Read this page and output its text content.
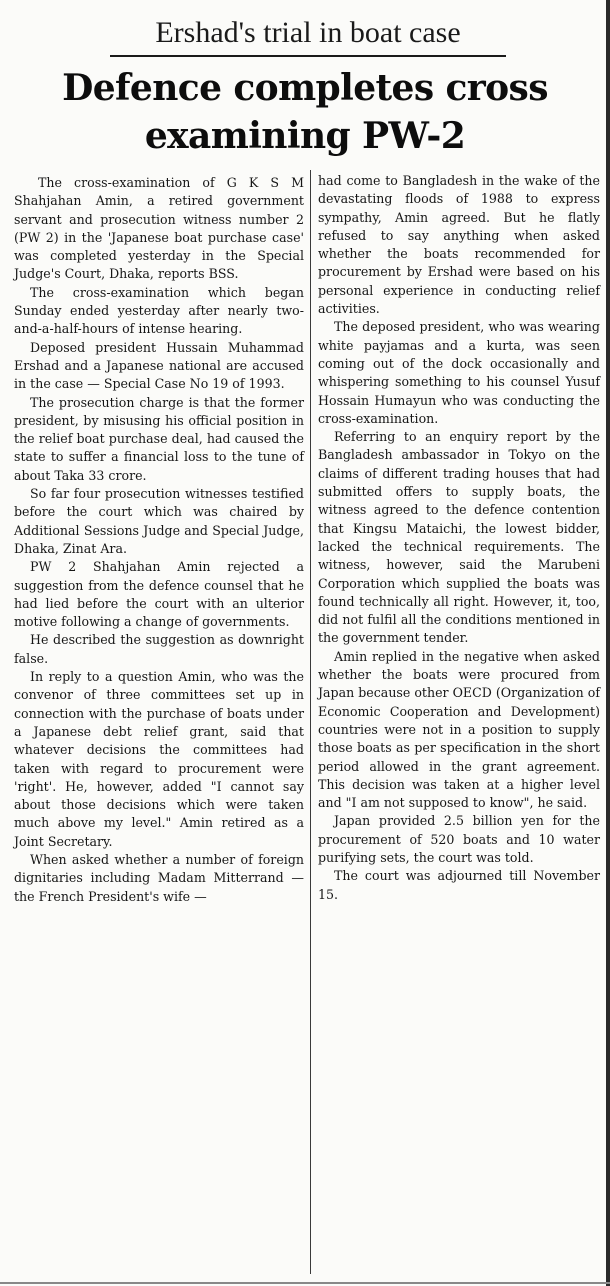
Ershad's trial in boat case
Defence completes cross
examining PW-2

The cross-examination of G K S M Shahjahan Amin, a retired government servant and prosecution witness number 2 (PW 2) in the 'Japanese boat purchase case' was completed yesterday in the Special Judge's Court, Dhaka, reports BSS.

The cross-examination which began Sunday ended yesterday after nearly two-and-a-half-hours of intense hearing.

Deposed president Hussain Muhammad Ershad and a Japanese national are accused in the case — Special Case No 19 of 1993.

The prosecution charge is that the former president, by misusing his official position in the relief boat purchase deal, had caused the state to suffer a financial loss to the tune of about Taka 33 crore.

So far four prosecution witnesses testified before the court which was chaired by Additional Sessions Judge and Special Judge, Dhaka, Zinat Ara.

PW 2 Shahjahan Amin rejected a suggestion from the defence counsel that he had lied before the court with an ulterior motive following a change of governments.

He described the suggestion as downright false.

In reply to a question Amin, who was the convenor of three committees set up in connection with the purchase of boats under a Japanese debt relief grant, said that whatever decisions the committees had taken with regard to procurement were 'right'. He, however, added "I cannot say about those decisions which were taken much above my level." Amin retired as a Joint Secretary.

When asked whether a number of foreign dignitaries including Madam Mitterrand — the French President's wife —

had come to Bangladesh in the wake of the devastating floods of 1988 to express sympathy, Amin agreed. But he flatly refused to say anything when asked whether the boats recommended for procurement by Ershad were based on his personal experience in conducting relief activities.

The deposed president, who was wearing white payjamas and a kurta, was seen coming out of the dock occasionally and whispering something to his counsel Yusuf Hossain Humayun who was conducting the cross-examination.

Referring to an enquiry report by the Bangladesh ambassador in Tokyo on the claims of different trading houses that had submitted offers to supply boats, the witness agreed to the defence contention that Kingsu Mataichi, the lowest bidder, lacked the technical requirements. The witness, however, said the Marubeni Corporation which supplied the boats was found technically all right. However, it, too, did not fulfil all the conditions mentioned in the government tender.

Amin replied in the negative when asked whether the boats were procured from Japan because other OECD (Organization of Economic Cooperation and Development) countries were not in a position to supply those boats as per specification in the short period allowed in the grant agreement. This decision was taken at a higher level and "I am not supposed to know", he said.

Japan provided 2.5 billion yen for the procurement of 520 boats and 10 water purifying sets, the court was told.

The court was adjourned till November 15.
